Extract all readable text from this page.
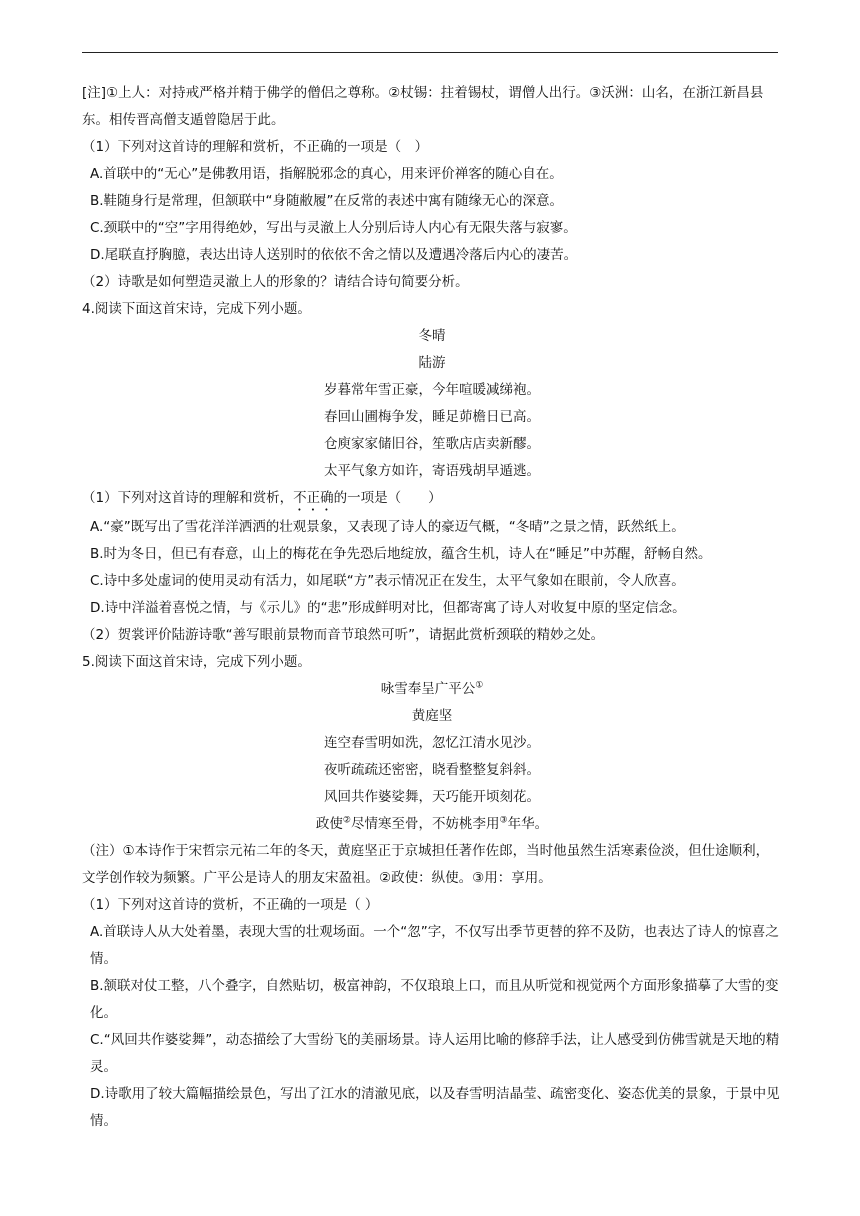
[注]①上人：对持戒严格并精于佛学的僧侣之尊称。②杖锡：拄着锡杖，谓僧人出行。③沃洲：山名，在浙江新昌县东。相传晋高僧支遁曾隐居于此。
（1）下列对这首诗的理解和赏析，不正确的一项是（　）
A.首联中的“无心”是佛教用语，指解脱邪念的真心，用来评价禅客的随心自在。
B.鞋随身行是常理，但颔联中“身随敝履”在反常的表述中寓有随缘无心的深意。
C.颈联中的“空”字用得绝妙，写出与灵澈上人分别后诗人内心有无限失落与寂寥。
D.尾联直抒胸臆，表达出诗人送别时的依依不舍之情以及遭遇冷落后内心的凄苦。
（2）诗歌是如何塑造灵澈上人的形象的？请结合诗句简要分析。
4.阅读下面这首宋诗，完成下列小题。
冬晴
陆游
岁暮常年雪正豪，今年喧暖减绨袍。
春回山圃梅争发，睡足茆檐日已高。
仓庾家家储旧谷，笙歌店店卖新醪。
太平气象方如许，寄语残胡早遁逃。
（1）下列对这首诗的理解和赏析，不正确的一项是（　　）
A.“豪”既写出了雪花洋洋洒洒的壮观景象，又表现了诗人的豪迈气概，“冬晴”之景之情，跃然纸上。
B.时为冬日，但已有春意，山上的梅花在争先恐后地绽放，蕴含生机，诗人在“睡足”中苏醒，舒畅自然。
C.诗中多处虚词的使用灵动有活力，如尾联“方”表示情况正在发生，太平气象如在眼前，令人欣喜。
D.诗中洋溢着喜悦之情，与《示儿》的“悲”形成鲜明对比，但都寄寓了诗人对收复中原的坚定信念。
（2）贺裳评价陆游诗歌“善写眼前景物而音节琅然可听”，请据此赏析颈联的精妙之处。
5.阅读下面这首宋诗，完成下列小题。
咏雪奉呈广平公①
黄庭坚
连空春雪明如洗，忽忆江清水见沙。
夜听疏疏还密密，晓看整整复斜斜。
风回共作婆娑舞，天巧能开顷刻花。
政使②尽情寒至骨，不妨桃李用③年华。
（注）①本诗作于宋哲宗元祐二年的冬天，黄庭坚正于京城担任著作佐郎，当时他虽然生活寒素俭淡，但仕途顺利，文学创作较为频繁。广平公是诗人的朋友宋盈祖。②政使：纵使。③用：享用。
（1）下列对这首诗的赏析，不正确的一项是（ ）
A.首联诗人从大处着墨，表现大雪的壮观场面。一个“忽”字，不仅写出季节更替的猝不及防，也表达了诗人的惊喜之情。
B.颔联对仗工整，八个叠字，自然贴切，极富神韵，不仅琅琅上口，而且从听觉和视觉两个方面形象描摹了大雪的变化。
C.“风回共作婆娑舞”，动态描绘了大雪纷飞的美丽场景。诗人运用比喻的修辞手法，让人感受到仿佛雪就是天地的精灵。
D.诗歌用了较大篇幅描绘景色，写出了江水的清澈见底，以及春雪明洁晶莹、疏密变化、姿态优美的景象，于景中见情。
